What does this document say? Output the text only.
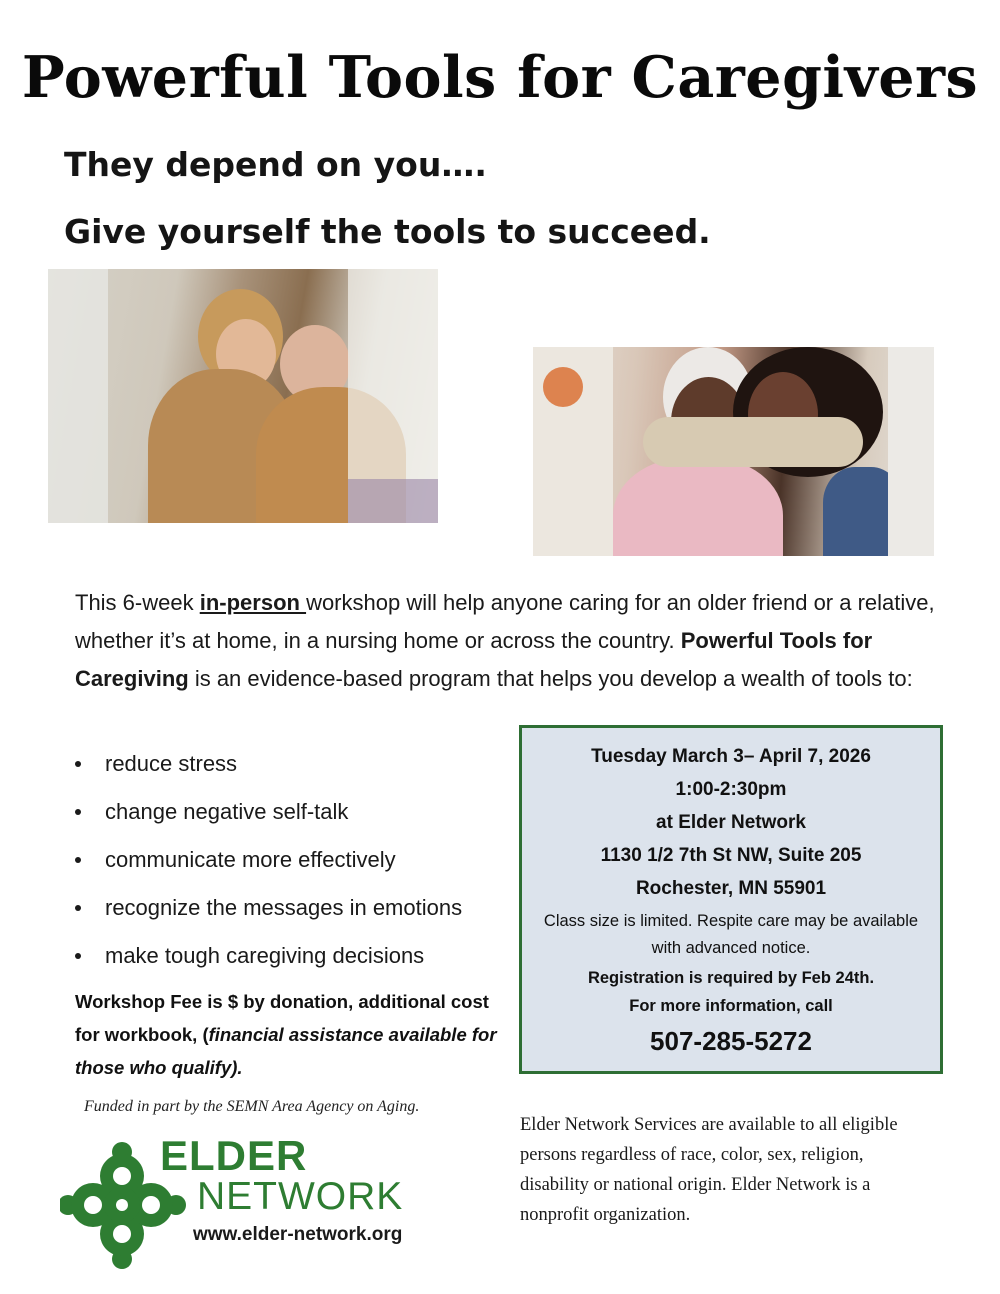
Powerful Tools for Caregivers
They depend on you….
Give yourself the tools to succeed.
This 6-week in-person workshop will help anyone caring for an older friend or a relative, whether it’s at home, in a nursing home or across the country. Powerful Tools for Caregiving is an evidence-based program that helps you develop a wealth of tools to:
reduce stress
change negative self-talk
communicate more effectively
recognize the messages in emotions
make tough caregiving decisions
Workshop Fee is $ by donation, additional cost for workbook, (financial assistance available for those who qualify).
Funded in part by the SEMN Area Agency on Aging.
Tuesday March 3– April 7, 2026
1:00-2:30pm
at Elder Network
1130 1/2 7th St NW, Suite 205
Rochester, MN 55901
Class size is limited. Respite care may be available
with advanced notice.
Registration is required by Feb 24th.
For more information, call
507-285-5272
ELDER
NETWORK
www.elder-network.org
Elder Network Services are available to all eligible persons regardless of race, color, sex, religion, disability or national origin. Elder Network is a nonprofit organization.
